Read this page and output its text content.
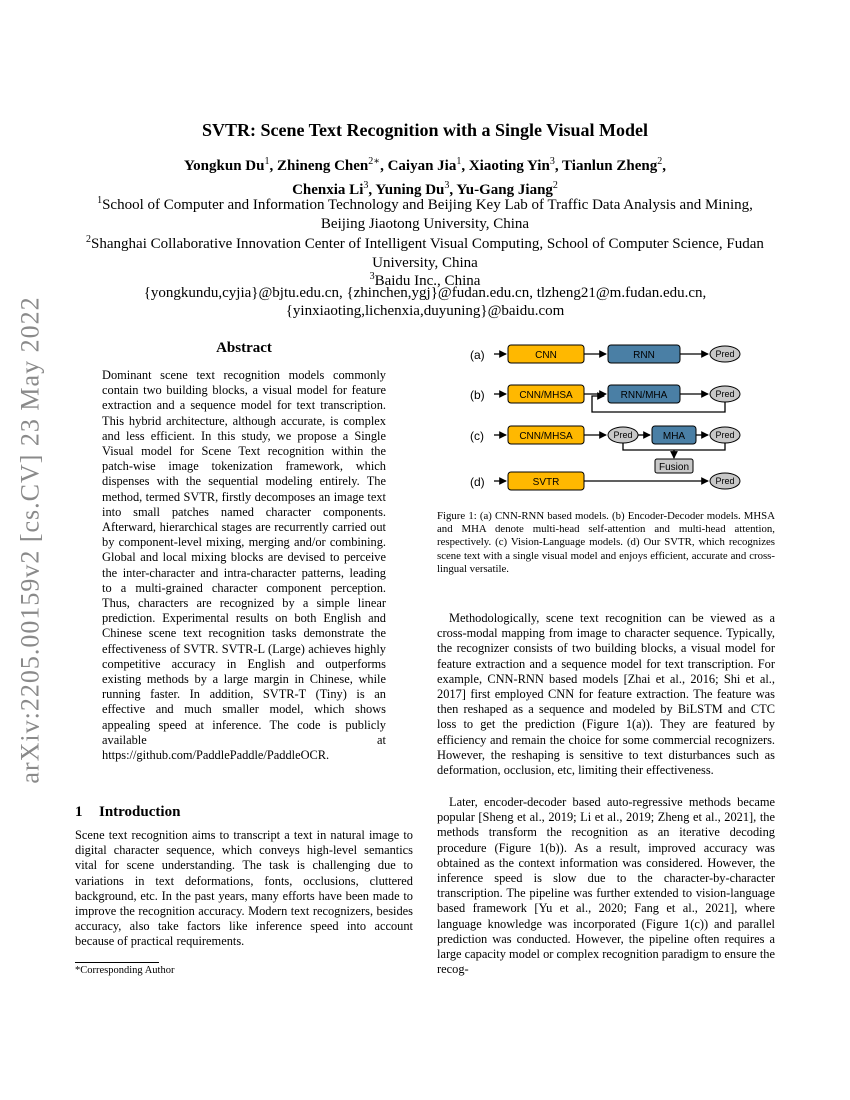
arXiv:2205.00159v2 [cs.CV] 23 May 2022
SVTR: Scene Text Recognition with a Single Visual Model
Yongkun Du$^1$, Zhineng Chen$^{2∗}$, Caiyan Jia$^1$, Xiaoting Yin$^3$, Tianlun Zheng$^2$,
Chenxia Li$^3$, Yuning Du$^3$, Yu-Gang Jiang$^2$
$^1$School of Computer and Information Technology and Beijing Key Lab of Traffic Data Analysis and Mining, Beijing Jiaotong University, China
$^2$Shanghai Collaborative Innovation Center of Intelligent Visual Computing, School of Computer Science, Fudan University, China
$^3$Baidu Inc., China
{yongkundu,cyjia}@bjtu.edu.cn, {zhinchen,ygj}@fudan.edu.cn, tlzheng21@m.fudan.edu.cn,
{yinxiaoting,lichenxia,duyuning}@baidu.com
Abstract
Dominant scene text recognition models commonly contain two building blocks, a visual model for feature extraction and a sequence model for text transcription. This hybrid architecture, although accurate, is complex and less efficient. In this study, we propose a Single Visual model for Scene Text recognition within the patch-wise image tokenization framework, which dispenses with the sequential modeling entirely. The method, termed SVTR, firstly decomposes an image text into small patches named character components. Afterward, hierarchical stages are recurrently carried out by component-level mixing, merging and/or combining. Global and local mixing blocks are devised to perceive the inter-character and intra-character patterns, leading to a multi-grained character component perception. Thus, characters are recognized by a simple linear prediction. Experimental results on both English and Chinese scene text recognition tasks demonstrate the effectiveness of SVTR. SVTR-L (Large) achieves highly competitive accuracy in English and outperforms existing methods by a large margin in Chinese, while running faster. In addition, SVTR-T (Tiny) is an effective and much smaller model, which shows appealing speed at inference. The code is publicly available at https://github.com/PaddlePaddle/PaddleOCR.
1 Introduction

Scene text recognition aims to transcript a text in natural image to digital character sequence, which conveys high-level semantics vital for scene understanding. The task is challenging due to variations in text deformations, fonts, occlusions, cluttered background, etc. In the past years, many efforts have been made to improve the recognition accuracy. Modern text recognizers, besides accuracy, also take factors like inference speed into account because of practical requirements.

*Corresponding Author
(a)	CNN	RNN	Pred
(b)	CNN/MHSA	RNN/MHA	Pred
(c)	CNN/MHSA	Pred	MHA	Pred
Fusion
(d)	SVTR	Pred
Figure 1: (a) CNN-RNN based models. (b) Encoder-Decoder models. MHSA and MHA denote multi-head self-attention and multi-head attention, respectively. (c) Vision-Language models. (d) Our SVTR, which recognizes scene text with a single visual model and enjoys efficient, accurate and cross-lingual versatile.

Methodologically, scene text recognition can be viewed as a cross-modal mapping from image to character sequence. Typically, the recognizer consists of two building blocks, a visual model for feature extraction and a sequence model for text transcription. For example, CNN-RNN based models [Zhai et al., 2016; Shi et al., 2017] first employed CNN for feature extraction. The feature was then reshaped as a sequence and modeled by BiLSTM and CTC loss to get the prediction (Figure 1(a)). They are featured by efficiency and remain the choice for some commercial recognizers. However, the reshaping is sensitive to text disturbances such as deformation, occlusion, etc, limiting their effectiveness.

Later, encoder-decoder based auto-regressive methods became popular [Sheng et al., 2019; Li et al., 2019; Zheng et al., 2021], the methods transform the recognition as an iterative decoding procedure (Figure 1(b)). As a result, improved accuracy was obtained as the context information was considered. However, the inference speed is slow due to the character-by-character transcription. The pipeline was further extended to vision-language based framework [Yu et al., 2020; Fang et al., 2021], where language knowledge was incorporated (Figure 1(c)) and parallel prediction was conducted. However, the pipeline often requires a large capacity model or complex recognition paradigm to ensure the recog-
